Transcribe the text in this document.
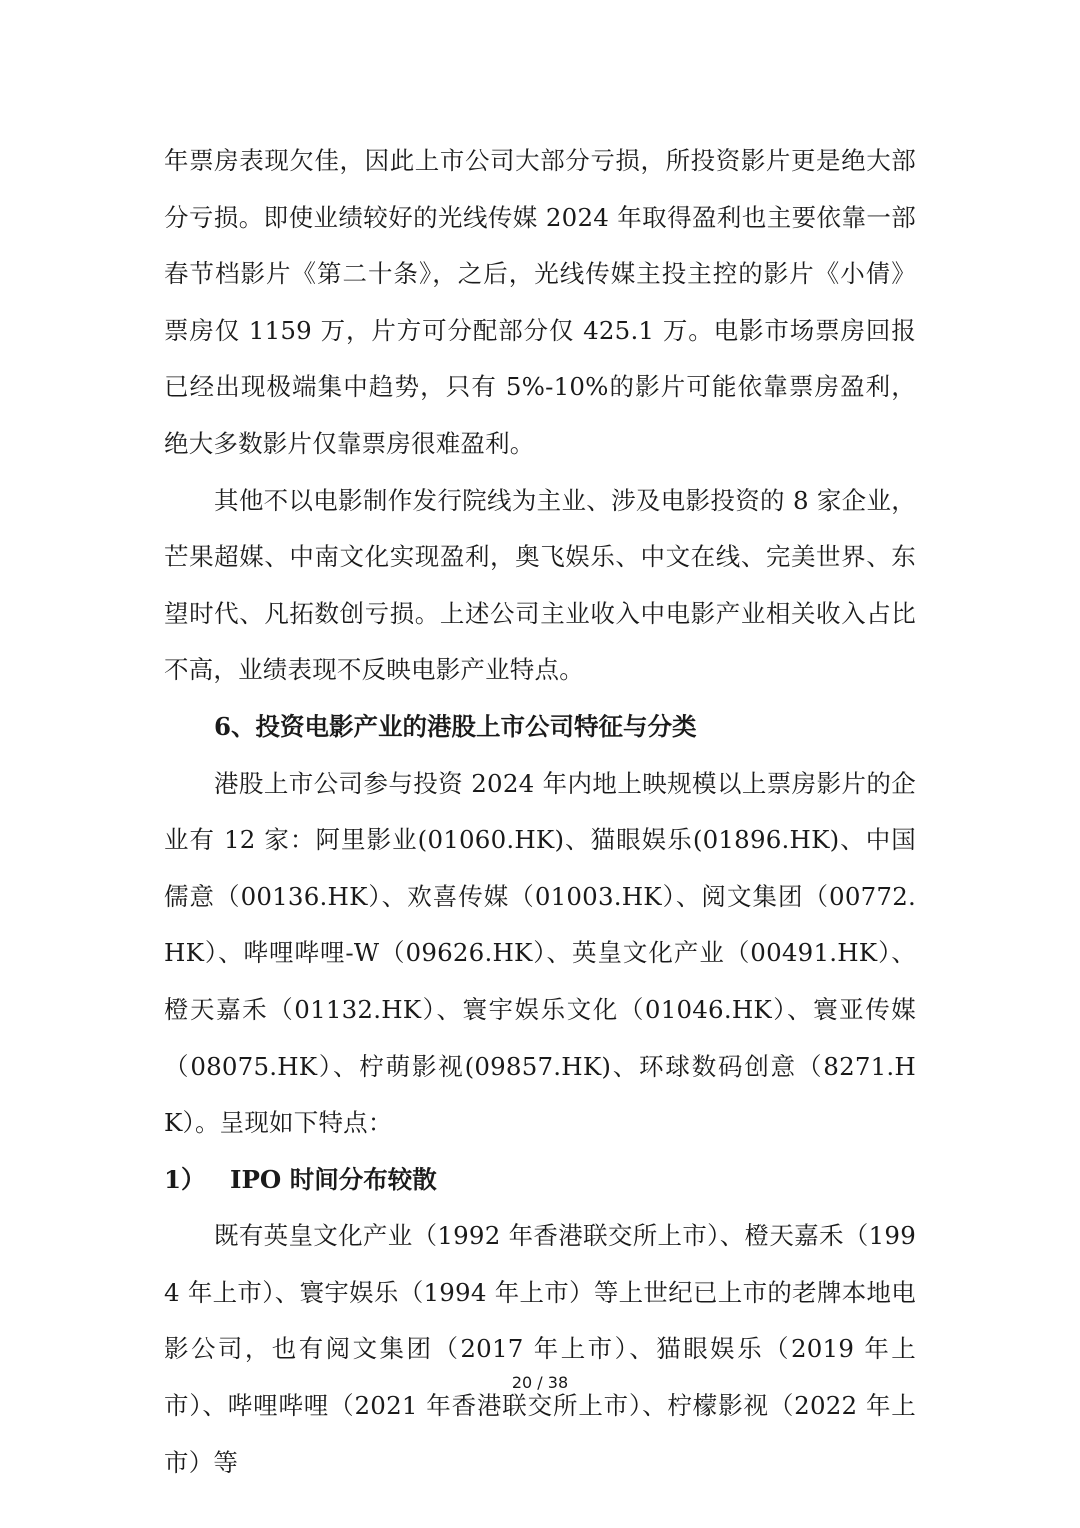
年票房表现欠佳，因此上市公司大部分亏损，所投资影片更是绝大部分亏损。即使业绩较好的光线传媒 2024 年取得盈利也主要依靠一部春节档影片《第二十条》，之后，光线传媒主投主控的影片《小倩》票房仅 1159 万，片方可分配部分仅 425.1 万。电影市场票房回报已经出现极端集中趋势，只有 5%-10%的影片可能依靠票房盈利，绝大多数影片仅靠票房很难盈利。

其他不以电影制作发行院线为主业、涉及电影投资的 8 家企业，芒果超媒、中南文化实现盈利，奥飞娱乐、中文在线、完美世界、东望时代、凡拓数创亏损。上述公司主业收入中电影产业相关收入占比不高，业绩表现不反映电影产业特点。

6、投资电影产业的港股上市公司特征与分类

港股上市公司参与投资 2024 年内地上映规模以上票房影片的企业有 12 家：阿里影业(01060.HK)、猫眼娱乐(01896.HK)、中国儒意（00136.HK）、欢喜传媒（01003.HK）、阅文集团（00772.HK）、哔哩哔哩-W（09626.HK）、英皇文化产业（00491.HK）、橙天嘉禾（01132.HK）、寰宇娱乐文化（01046.HK）、寰亚传媒（08075.HK）、柠萌影视(09857.HK)、环球数码创意（8271.HK）。呈现如下特点：

1） IPO 时间分布较散

既有英皇文化产业（1992 年香港联交所上市）、橙天嘉禾（1994 年上市）、寰宇娱乐（1994 年上市）等上世纪已上市的老牌本地电影公司，也有阅文集团（2017 年上市）、猫眼娱乐（2019 年上市）、哔哩哔哩（2021 年香港联交所上市）、柠檬影视（2022 年上市）等

20 / 38
